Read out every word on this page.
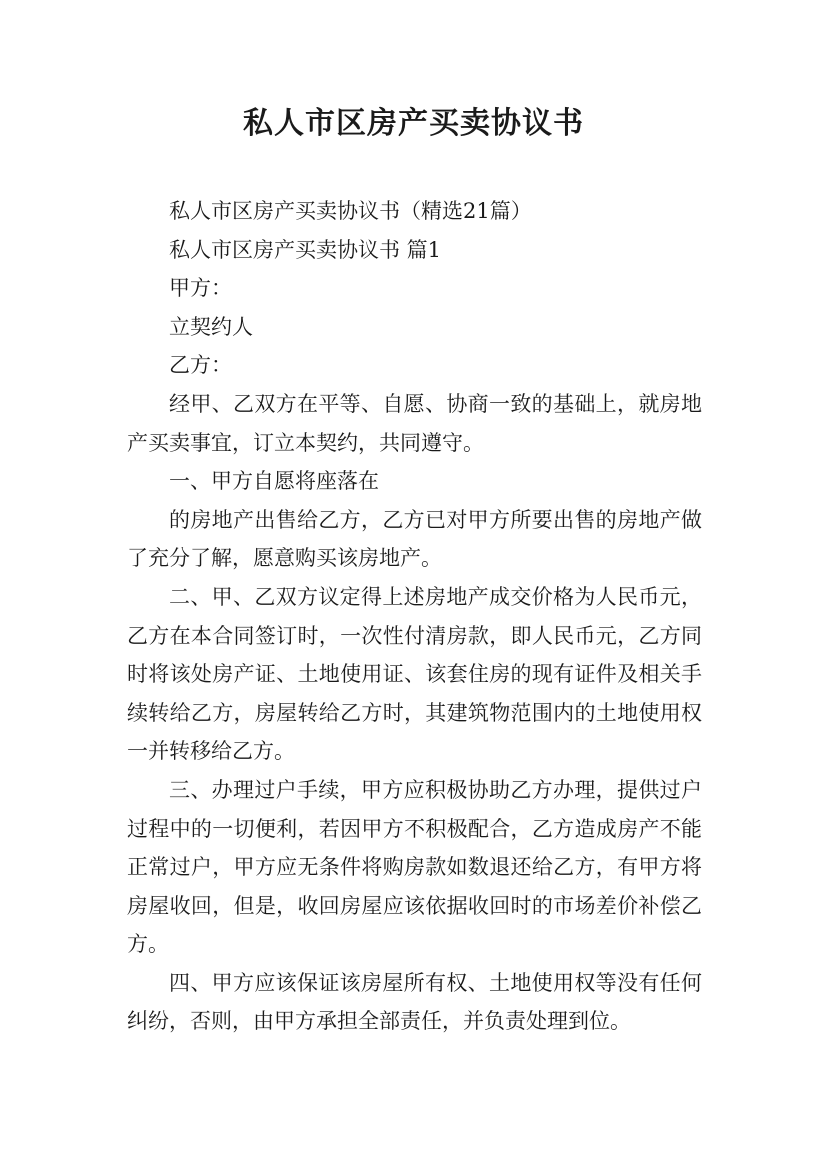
私人市区房产买卖协议书

私人市区房产买卖协议书（精选21篇）

私人市区房产买卖协议书 篇1

甲方：

立契约人

乙方：

经甲、乙双方在平等、自愿、协商一致的基础上，就房地产买卖事宜，订立本契约，共同遵守。

一、甲方自愿将座落在

的房地产出售给乙方，乙方已对甲方所要出售的房地产做了充分了解，愿意购买该房地产。

二、甲、乙双方议定得上述房地产成交价格为人民币元，乙方在本合同签订时，一次性付清房款，即人民币元，乙方同时将该处房产证、土地使用证、该套住房的现有证件及相关手续转给乙方，房屋转给乙方时，其建筑物范围内的土地使用权一并转移给乙方。

三、办理过户手续，甲方应积极协助乙方办理，提供过户过程中的一切便利，若因甲方不积极配合，乙方造成房产不能正常过户，甲方应无条件将购房款如数退还给乙方，有甲方将房屋收回，但是，收回房屋应该依据收回时的市场差价补偿乙方。

四、甲方应该保证该房屋所有权、土地使用权等没有任何纠纷，否则，由甲方承担全部责任，并负责处理到位。
